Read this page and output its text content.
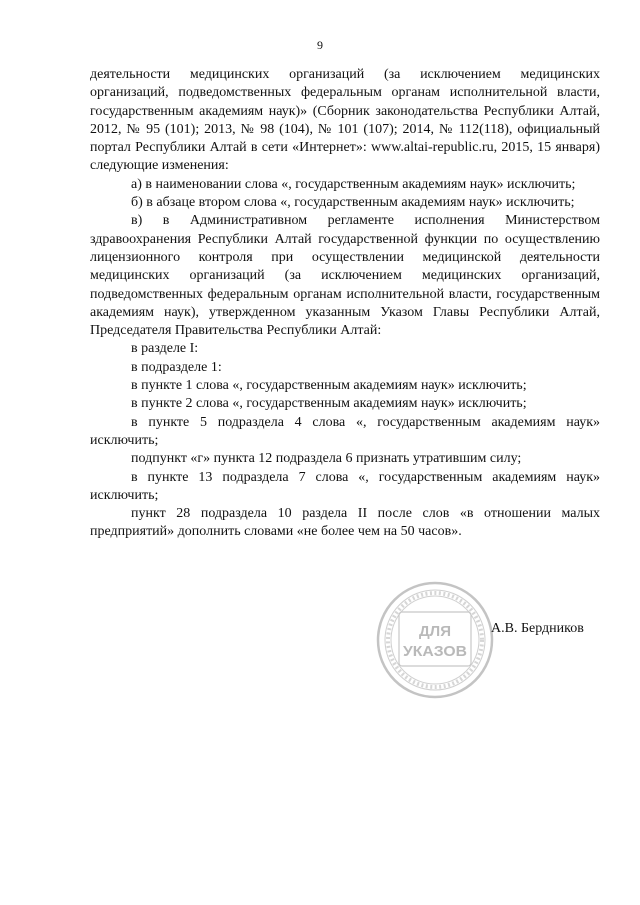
9

деятельности медицинских организаций (за исключением медицинских организаций, подведомственных федеральным органам исполнительной власти, государственным академиям наук)» (Сборник законодательства Республики Алтай, 2012, № 95 (101); 2013, № 98 (104), № 101 (107); 2014, № 112(118), официальный портал Республики Алтай в сети «Интернет»: www.altai-republic.ru, 2015, 15 января) следующие изменения:

а) в наименовании слова «, государственным академиям наук» исключить;

б) в абзаце втором слова «, государственным академиям наук» исключить;

в) в Административном регламенте исполнения Министерством здравоохранения Республики Алтай государственной функции по осуществлению лицензионного контроля при осуществлении медицинской деятельности медицинских организаций (за исключением медицинских организаций, подведомственных федеральным органам исполнительной власти, государственным академиям наук), утвержденном указанным Указом Главы Республики Алтай, Председателя Правительства Республики Алтай:

в разделе I:

в подразделе 1:

в пункте 1 слова «, государственным академиям наук» исключить;

в пункте 2 слова «, государственным академиям наук» исключить;

в пункте 5 подраздела 4 слова «, государственным академиям наук» исключить;

подпункт «г» пункта 12 подраздела 6 признать утратившим силу;

в пункте 13 подраздела 7 слова «, государственным академиям наук» исключить;

пункт 28 подраздела 10 раздела II после слов «в отношении малых предприятий» дополнить словами «не более чем на 50 часов».

ДЛЯ
УКАЗОВ
А.В. Бердников
